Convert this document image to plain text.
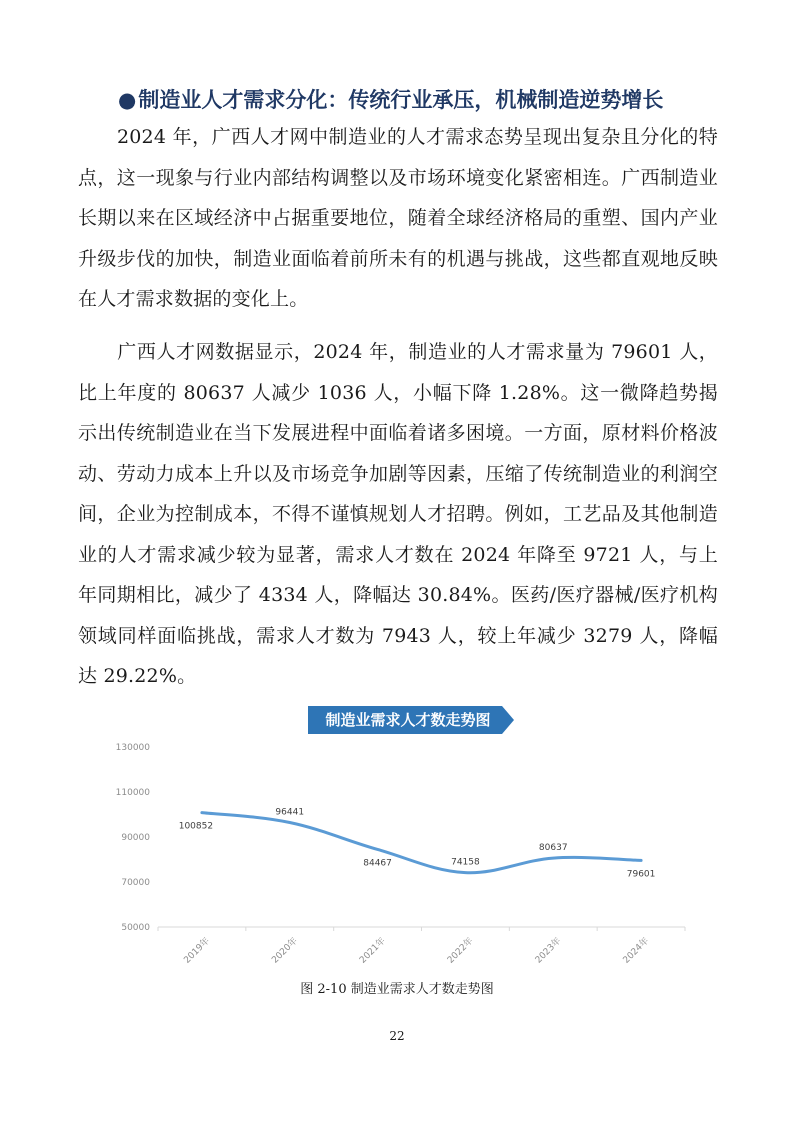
●制造业人才需求分化：传统行业承压，机械制造逆势增长

　　2024 年，广西人才网中制造业的人才需求态势呈现出复杂且分化的特点，这一现象与行业内部结构调整以及市场环境变化紧密相连。广西制造业长期以来在区域经济中占据重要地位，随着全球经济格局的重塑、国内产业升级步伐的加快，制造业面临着前所未有的机遇与挑战，这些都直观地反映在人才需求数据的变化上。

　　广西人才网数据显示，2024 年，制造业的人才需求量为 79601 人，比上年度的 80637 人减少 1036 人，小幅下降 1.28%。这一微降趋势揭示出传统制造业在当下发展进程中面临着诸多困境。一方面，原材料价格波动、劳动力成本上升以及市场竞争加剧等因素，压缩了传统制造业的利润空间，企业为控制成本，不得不谨慎规划人才招聘。例如，工艺品及其他制造业的人才需求减少较为显著，需求人才数在 2024 年降至 9721 人，与上年同期相比，减少了 4334 人，降幅达 30.84%。医药/医疗器械/医疗机构领域同样面临挑战，需求人才数为 7943 人，较上年减少 3279 人，降幅达 29.22%。

制造业需求人才数走势图
50000
70000
90000
110000
130000
2019年	2020年	2021年	2022年	2023年	2024年
100852
96441
84467	74158
80637
79601
图 2-10 制造业需求人才数走势图
22
